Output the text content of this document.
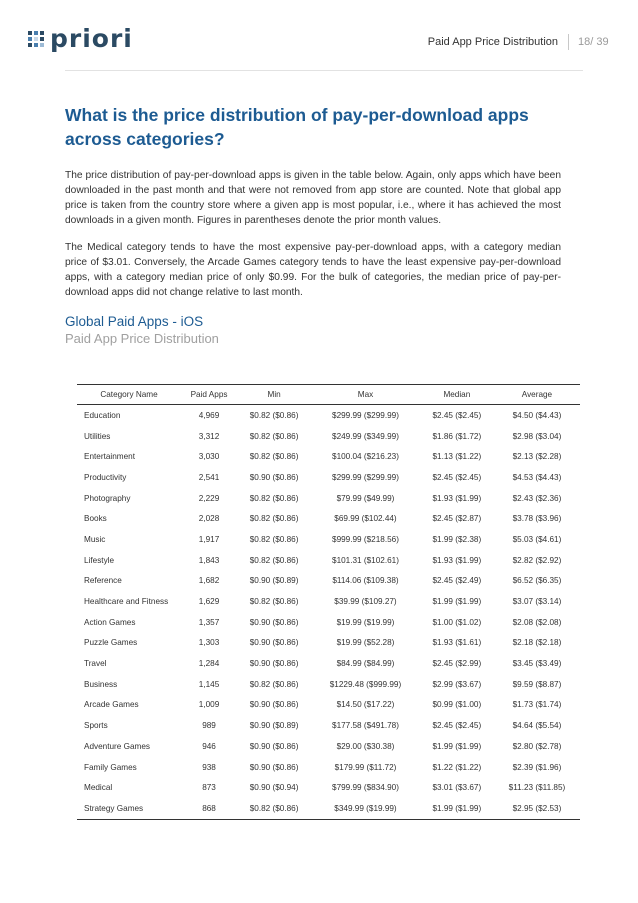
priori	Paid App Price Distribution 18/ 39
What is the price distribution of pay-per-download apps across categories?

The price distribution of pay-per-download apps is given in the table below. Again, only apps which have been downloaded in the past month and that were not removed from app store are counted. Note that global app price is taken from the country store where a given app is most popular, i.e., where it has achieved the most downloads in a given month. Figures in parentheses denote the prior month values.

The Medical category tends to have the most expensive pay-per-download apps, with a category median price of $3.01. Conversely, the Arcade Games category tends to have the least expensive pay-per-download apps, with a category median price of only $0.99. For the bulk of categories, the median price of pay-per-download apps did not change relative to last month.

Global Paid Apps - iOS
Paid App Price Distribution
Category Name	Paid Apps	Min	Max	Median	Average
Education	4,969	$0.82 ($0.86)	$299.99 ($299.99)	$2.45 ($2.45)	$4.50 ($4.43)
Utilities	3,312	$0.82 ($0.86)	$249.99 ($349.99)	$1.86 ($1.72)	$2.98 ($3.04)
Entertainment	3,030	$0.82 ($0.86)	$100.04 ($216.23)	$1.13 ($1.22)	$2.13 ($2.28)
Productivity	2,541	$0.90 ($0.86)	$299.99 ($299.99)	$2.45 ($2.45)	$4.53 ($4.43)
Photography	2,229	$0.82 ($0.86)	$79.99 ($49.99)	$1.93 ($1.99)	$2.43 ($2.36)
Books	2,028	$0.82 ($0.86)	$69.99 ($102.44)	$2.45 ($2.87)	$3.78 ($3.96)
Music	1,917	$0.82 ($0.86)	$999.99 ($218.56)	$1.99 ($2.38)	$5.03 ($4.61)
Lifestyle	1,843	$0.82 ($0.86)	$101.31 ($102.61)	$1.93 ($1.99)	$2.82 ($2.92)
Reference	1,682	$0.90 ($0.89)	$114.06 ($109.38)	$2.45 ($2.49)	$6.52 ($6.35)
Healthcare and Fitness	1,629	$0.82 ($0.86)	$39.99 ($109.27)	$1.99 ($1.99)	$3.07 ($3.14)
Action Games	1,357	$0.90 ($0.86)	$19.99 ($19.99)	$1.00 ($1.02)	$2.08 ($2.08)
Puzzle Games	1,303	$0.90 ($0.86)	$19.99 ($52.28)	$1.93 ($1.61)	$2.18 ($2.18)
Travel	1,284	$0.90 ($0.86)	$84.99 ($84.99)	$2.45 ($2.99)	$3.45 ($3.49)
Business	1,145	$0.82 ($0.86)	$1229.48 ($999.99)	$2.99 ($3.67)	$9.59 ($8.87)
Arcade Games	1,009	$0.90 ($0.86)	$14.50 ($17.22)	$0.99 ($1.00)	$1.73 ($1.74)
Sports	989	$0.90 ($0.89)	$177.58 ($491.78)	$2.45 ($2.45)	$4.64 ($5.54)
Adventure Games	946	$0.90 ($0.86)	$29.00 ($30.38)	$1.99 ($1.99)	$2.80 ($2.78)
Family Games	938	$0.90 ($0.86)	$179.99 ($11.72)	$1.22 ($1.22)	$2.39 ($1.96)
Medical	873	$0.90 ($0.94)	$799.99 ($834.90)	$3.01 ($3.67)	$11.23 ($11.85)
Strategy Games	868	$0.82 ($0.86)	$349.99 ($19.99)	$1.99 ($1.99)	$2.95 ($2.53)
